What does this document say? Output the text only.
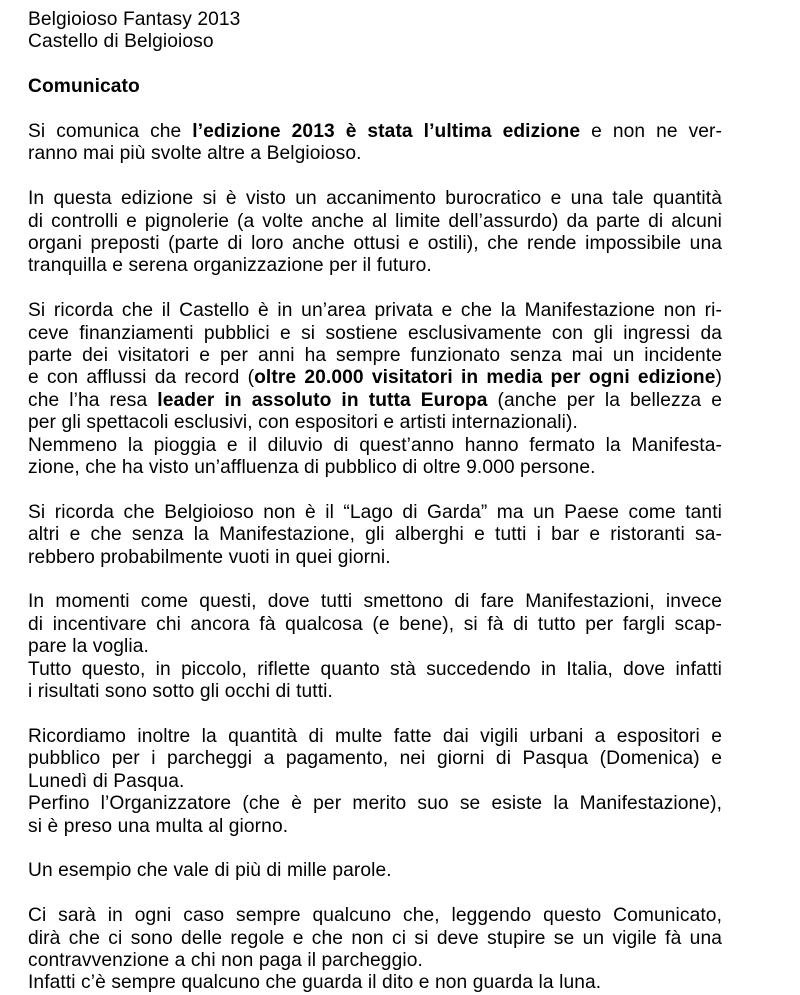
Belgioioso Fantasy 2013
Castello di Belgioioso
Comunicato
Si comunica che l’edizione 2013 è stata l’ultima edizione e non ne ver-
ranno mai più svolte altre a Belgioioso.
In questa edizione si è visto un accanimento burocratico e una tale quantità
di controlli e pignolerie (a volte anche al limite dell’assurdo) da parte di alcuni
organi preposti (parte di loro anche ottusi e ostili), che rende impossibile una
tranquilla e serena organizzazione per il futuro.
Si ricorda che il Castello è in un’area privata e che la Manifestazione non ri-
ceve finanziamenti pubblici e si sostiene esclusivamente con gli ingressi da
parte dei visitatori e per anni ha sempre funzionato senza mai un incidente
e con afflussi da record (oltre 20.000 visitatori in media per ogni edizione)
che l’ha resa leader in assoluto in tutta Europa (anche per la bellezza e
per gli spettacoli esclusivi, con espositori e artisti internazionali).
Nemmeno la pioggia e il diluvio di quest’anno hanno fermato la Manifesta-
zione, che ha visto un’affluenza di pubblico di oltre 9.000 persone.
Si ricorda che Belgioioso non è il “Lago di Garda” ma un Paese come tanti
altri e che senza la Manifestazione, gli alberghi e tutti i bar e ristoranti sa-
rebbero probabilmente vuoti in quei giorni.
In momenti come questi, dove tutti smettono di fare Manifestazioni, invece
di incentivare chi ancora fà qualcosa (e bene), si fà di tutto per fargli scap-
pare la voglia.
Tutto questo, in piccolo, riflette quanto stà succedendo in Italia, dove infatti
i risultati sono sotto gli occhi di tutti.
Ricordiamo inoltre la quantità di multe fatte dai vigili urbani a espositori e
pubblico per i parcheggi a pagamento, nei giorni di Pasqua (Domenica) e
Lunedì di Pasqua.
Perfino l’Organizzatore (che è per merito suo se esiste la Manifestazione),
si è preso una multa al giorno.
Un esempio che vale di più di mille parole.
Ci sarà in ogni caso sempre qualcuno che, leggendo questo Comunicato,
dirà che ci sono delle regole e che non ci si deve stupire se un vigile fà una
contravvenzione a chi non paga il parcheggio.
Infatti c’è sempre qualcuno che guarda il dito e non guarda la luna.
